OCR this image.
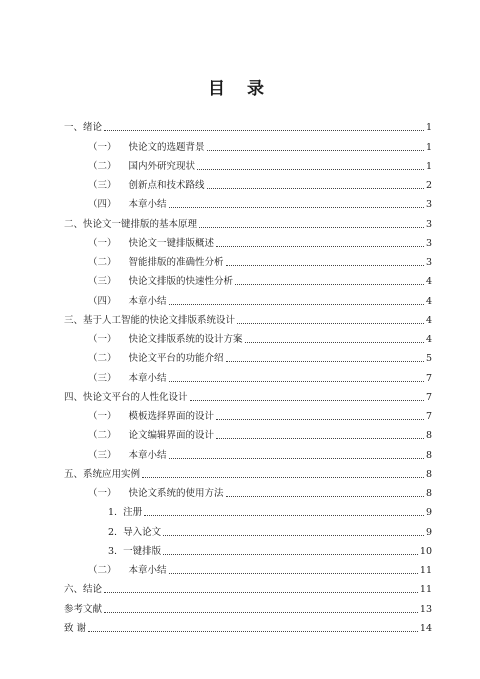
目 录
一、绪论	1
（一） 快论文的选题背景	1
（二） 国内外研究现状	1
（三） 创新点和技术路线	2
（四） 本章小结	3
二、快论文一键排版的基本原理	3
（一） 快论文一键排版概述	3
（二） 智能排版的准确性分析	3
（三） 快论文排版的快速性分析	4
（四） 本章小结	4
三、基于人工智能的快论文排版系统设计	4
（一） 快论文排版系统的设计方案	4
（二） 快论文平台的功能介绍	5
（三） 本章小结	7
四、快论文平台的人性化设计	7
（一） 模板选择界面的设计	7
（二） 论文编辑界面的设计	8
（三） 本章小结	8
五、系统应用实例	8
（一） 快论文系统的使用方法	8
1. 注册	9
2. 导入论文	9
3. 一键排版	10
（二） 本章小结	11
六、结论	11
参考文献	13
致 谢	14
